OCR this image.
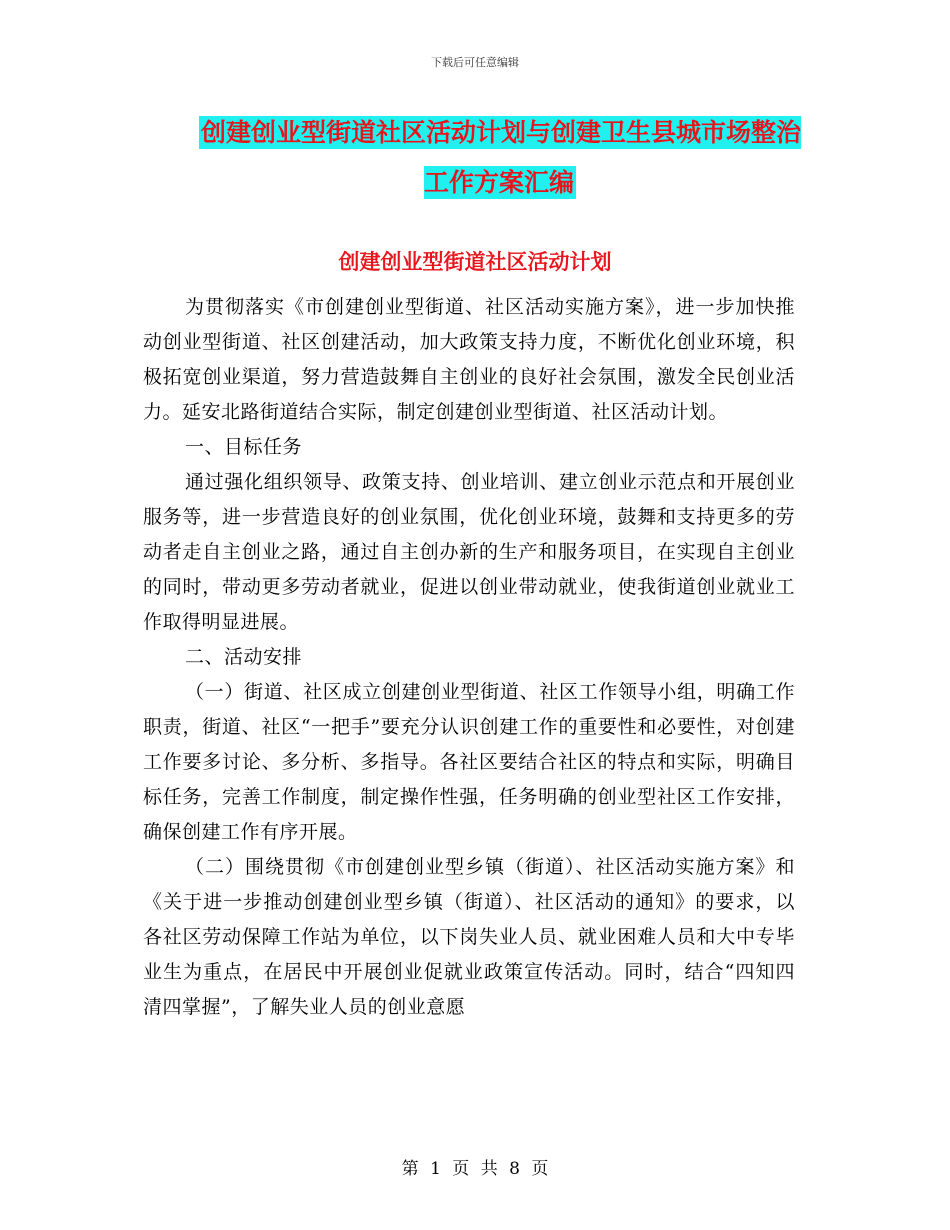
下载后可任意编辑
创建创业型街道社区活动计划与创建卫生县城市场整治工作方案汇编
创建创业型街道社区活动计划

为贯彻落实《市创建创业型街道、社区活动实施方案》，进一步加快推动创业型街道、社区创建活动，加大政策支持力度，不断优化创业环境，积极拓宽创业渠道，努力营造鼓舞自主创业的良好社会氛围，激发全民创业活力。延安北路街道结合实际，制定创建创业型街道、社区活动计划。

一、目标任务

通过强化组织领导、政策支持、创业培训、建立创业示范点和开展创业服务等，进一步营造良好的创业氛围，优化创业环境，鼓舞和支持更多的劳动者走自主创业之路，通过自主创办新的生产和服务项目，在实现自主创业的同时，带动更多劳动者就业，促进以创业带动就业，使我街道创业就业工作取得明显进展。

二、活动安排

（一）街道、社区成立创建创业型街道、社区工作领导小组，明确工作职责，街道、社区“一把手”要充分认识创建工作的重要性和必要性，对创建工作要多讨论、多分析、多指导。各社区要结合社区的特点和实际，明确目标任务，完善工作制度，制定操作性强，任务明确的创业型社区工作安排，确保创建工作有序开展。

（二）围绕贯彻《市创建创业型乡镇（街道）、社区活动实施方案》和《关于进一步推动创建创业型乡镇（街道）、社区活动的通知》的要求，以各社区劳动保障工作站为单位，以下岗失业人员、就业困难人员和大中专毕业生为重点，在居民中开展创业促就业政策宣传活动。同时，结合“四知四清四掌握”，了解失业人员的创业意愿

第 1 页 共 8 页
